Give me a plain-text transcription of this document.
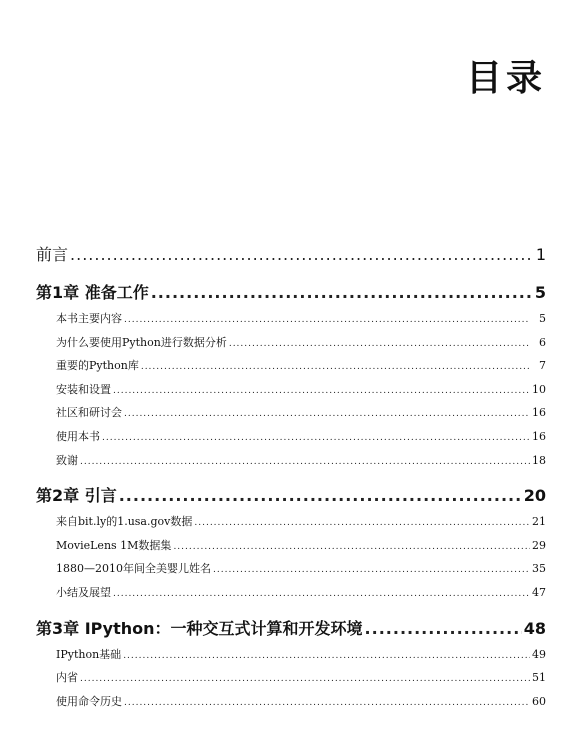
目录
前言 .....	1
第1章 准备工作 .....	5
本书主要内容 .....	5
为什么要使用Python进行数据分析 .....	6
重要的Python库 .....	7
安装和设置 .....	10
社区和研讨会 .....	16
使用本书 .....	16
致谢 .....	18
第2章 引言 .....	20
来自bit.ly的1.usa.gov数据 .....	21
MovieLens 1M数据集 .....	29
1880—2010年间全美婴儿姓名 .....	35
小结及展望 .....	47
第3章 IPython：一种交互式计算和开发环境 .....	48
IPython基础 .....	49
内省 .....	51
使用命令历史 .....	60
